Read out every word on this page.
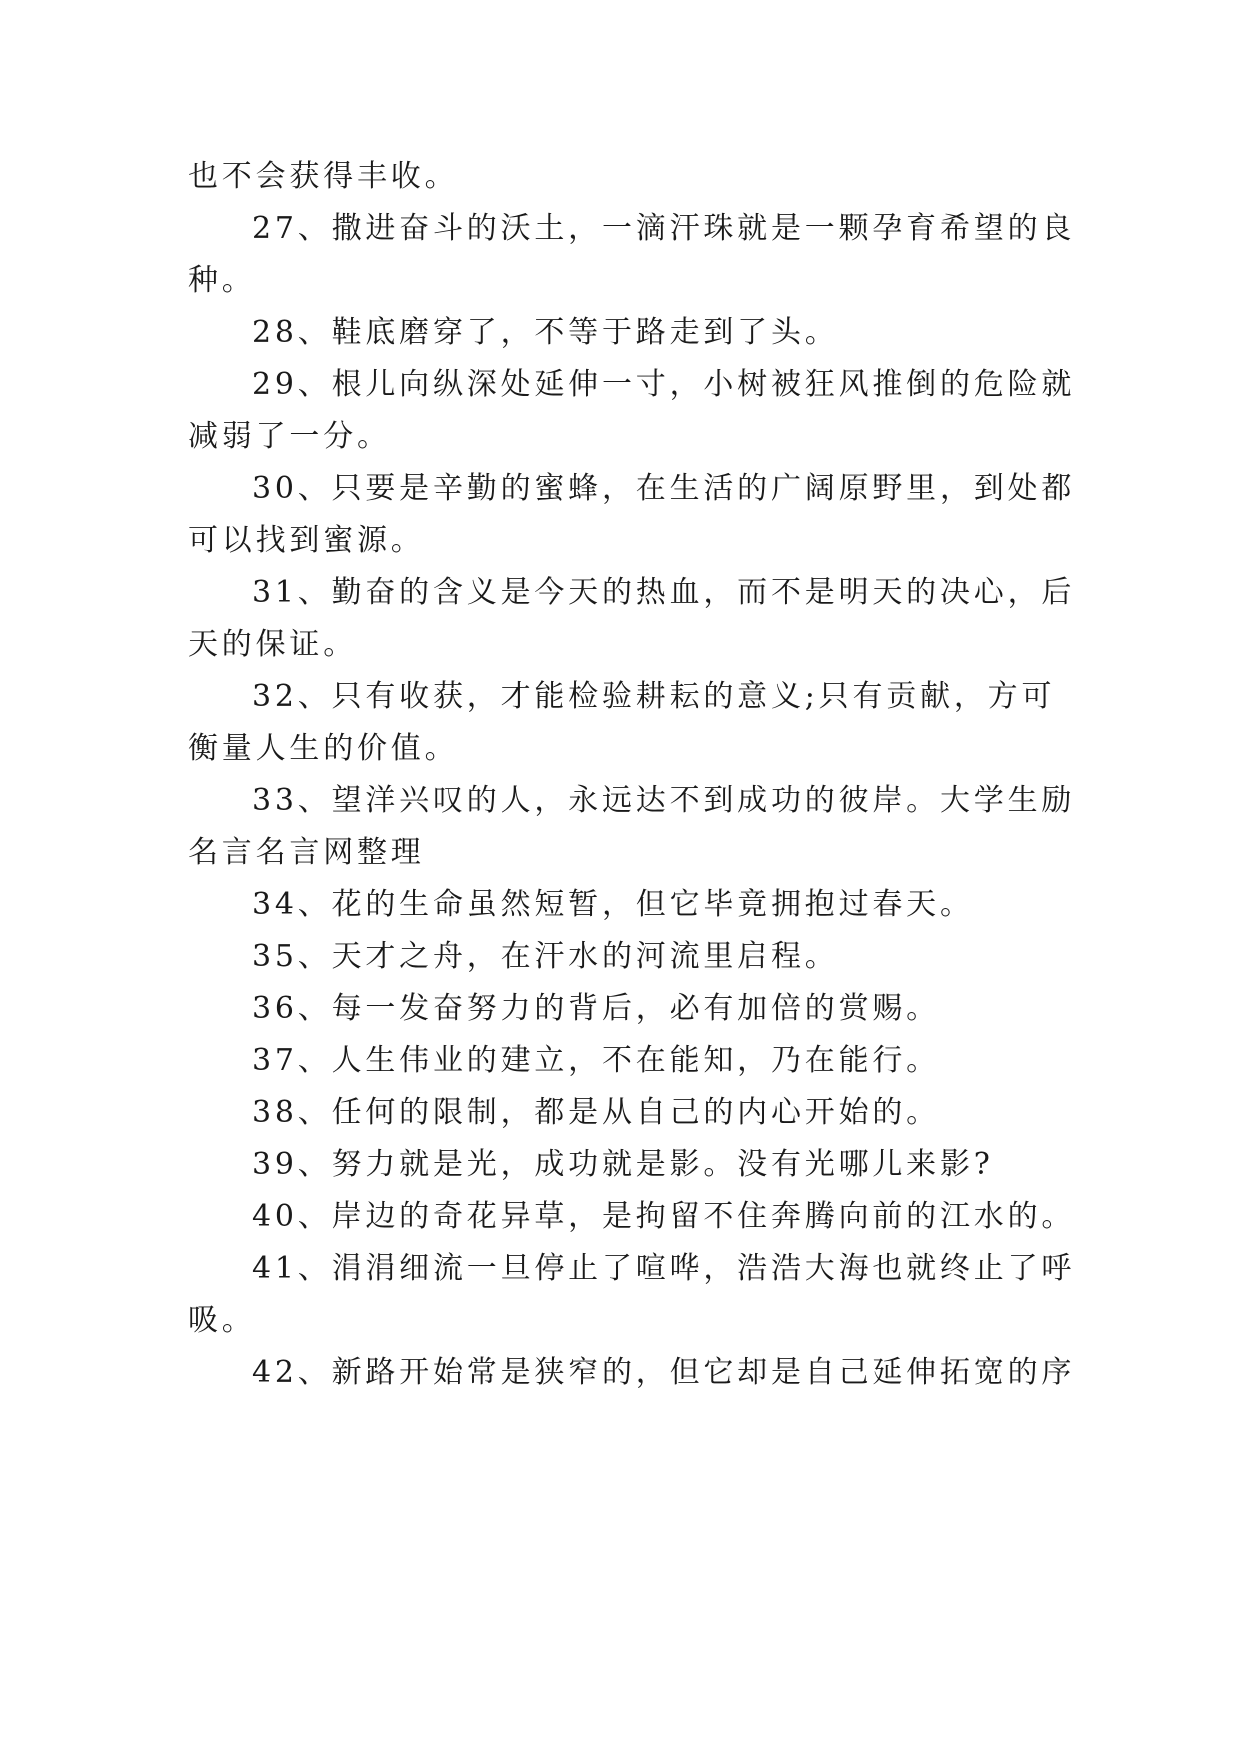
也不会获得丰收。

27、撒进奋斗的沃土，一滴汗珠就是一颗孕育希望的良

种。

28、鞋底磨穿了，不等于路走到了头。

29、根儿向纵深处延伸一寸，小树被狂风推倒的危险就

减弱了一分。

30、只要是辛勤的蜜蜂，在生活的广阔原野里，到处都

可以找到蜜源。

31、勤奋的含义是今天的热血，而不是明天的决心，后

天的保证。

32、只有收获，才能检验耕耘的意义;只有贡献，方可

衡量人生的价值。

33、望洋兴叹的人，永远达不到成功的彼岸。大学生励

名言名言网整理

34、花的生命虽然短暂，但它毕竟拥抱过春天。

35、天才之舟，在汗水的河流里启程。

36、每一发奋努力的背后，必有加倍的赏赐。

37、人生伟业的建立，不在能知，乃在能行。

38、任何的限制，都是从自己的内心开始的。

39、努力就是光，成功就是影。没有光哪儿来影?

40、岸边的奇花异草，是拘留不住奔腾向前的江水的。

41、涓涓细流一旦停止了喧哗，浩浩大海也就终止了呼

吸。

42、新路开始常是狭窄的，但它却是自己延伸拓宽的序
